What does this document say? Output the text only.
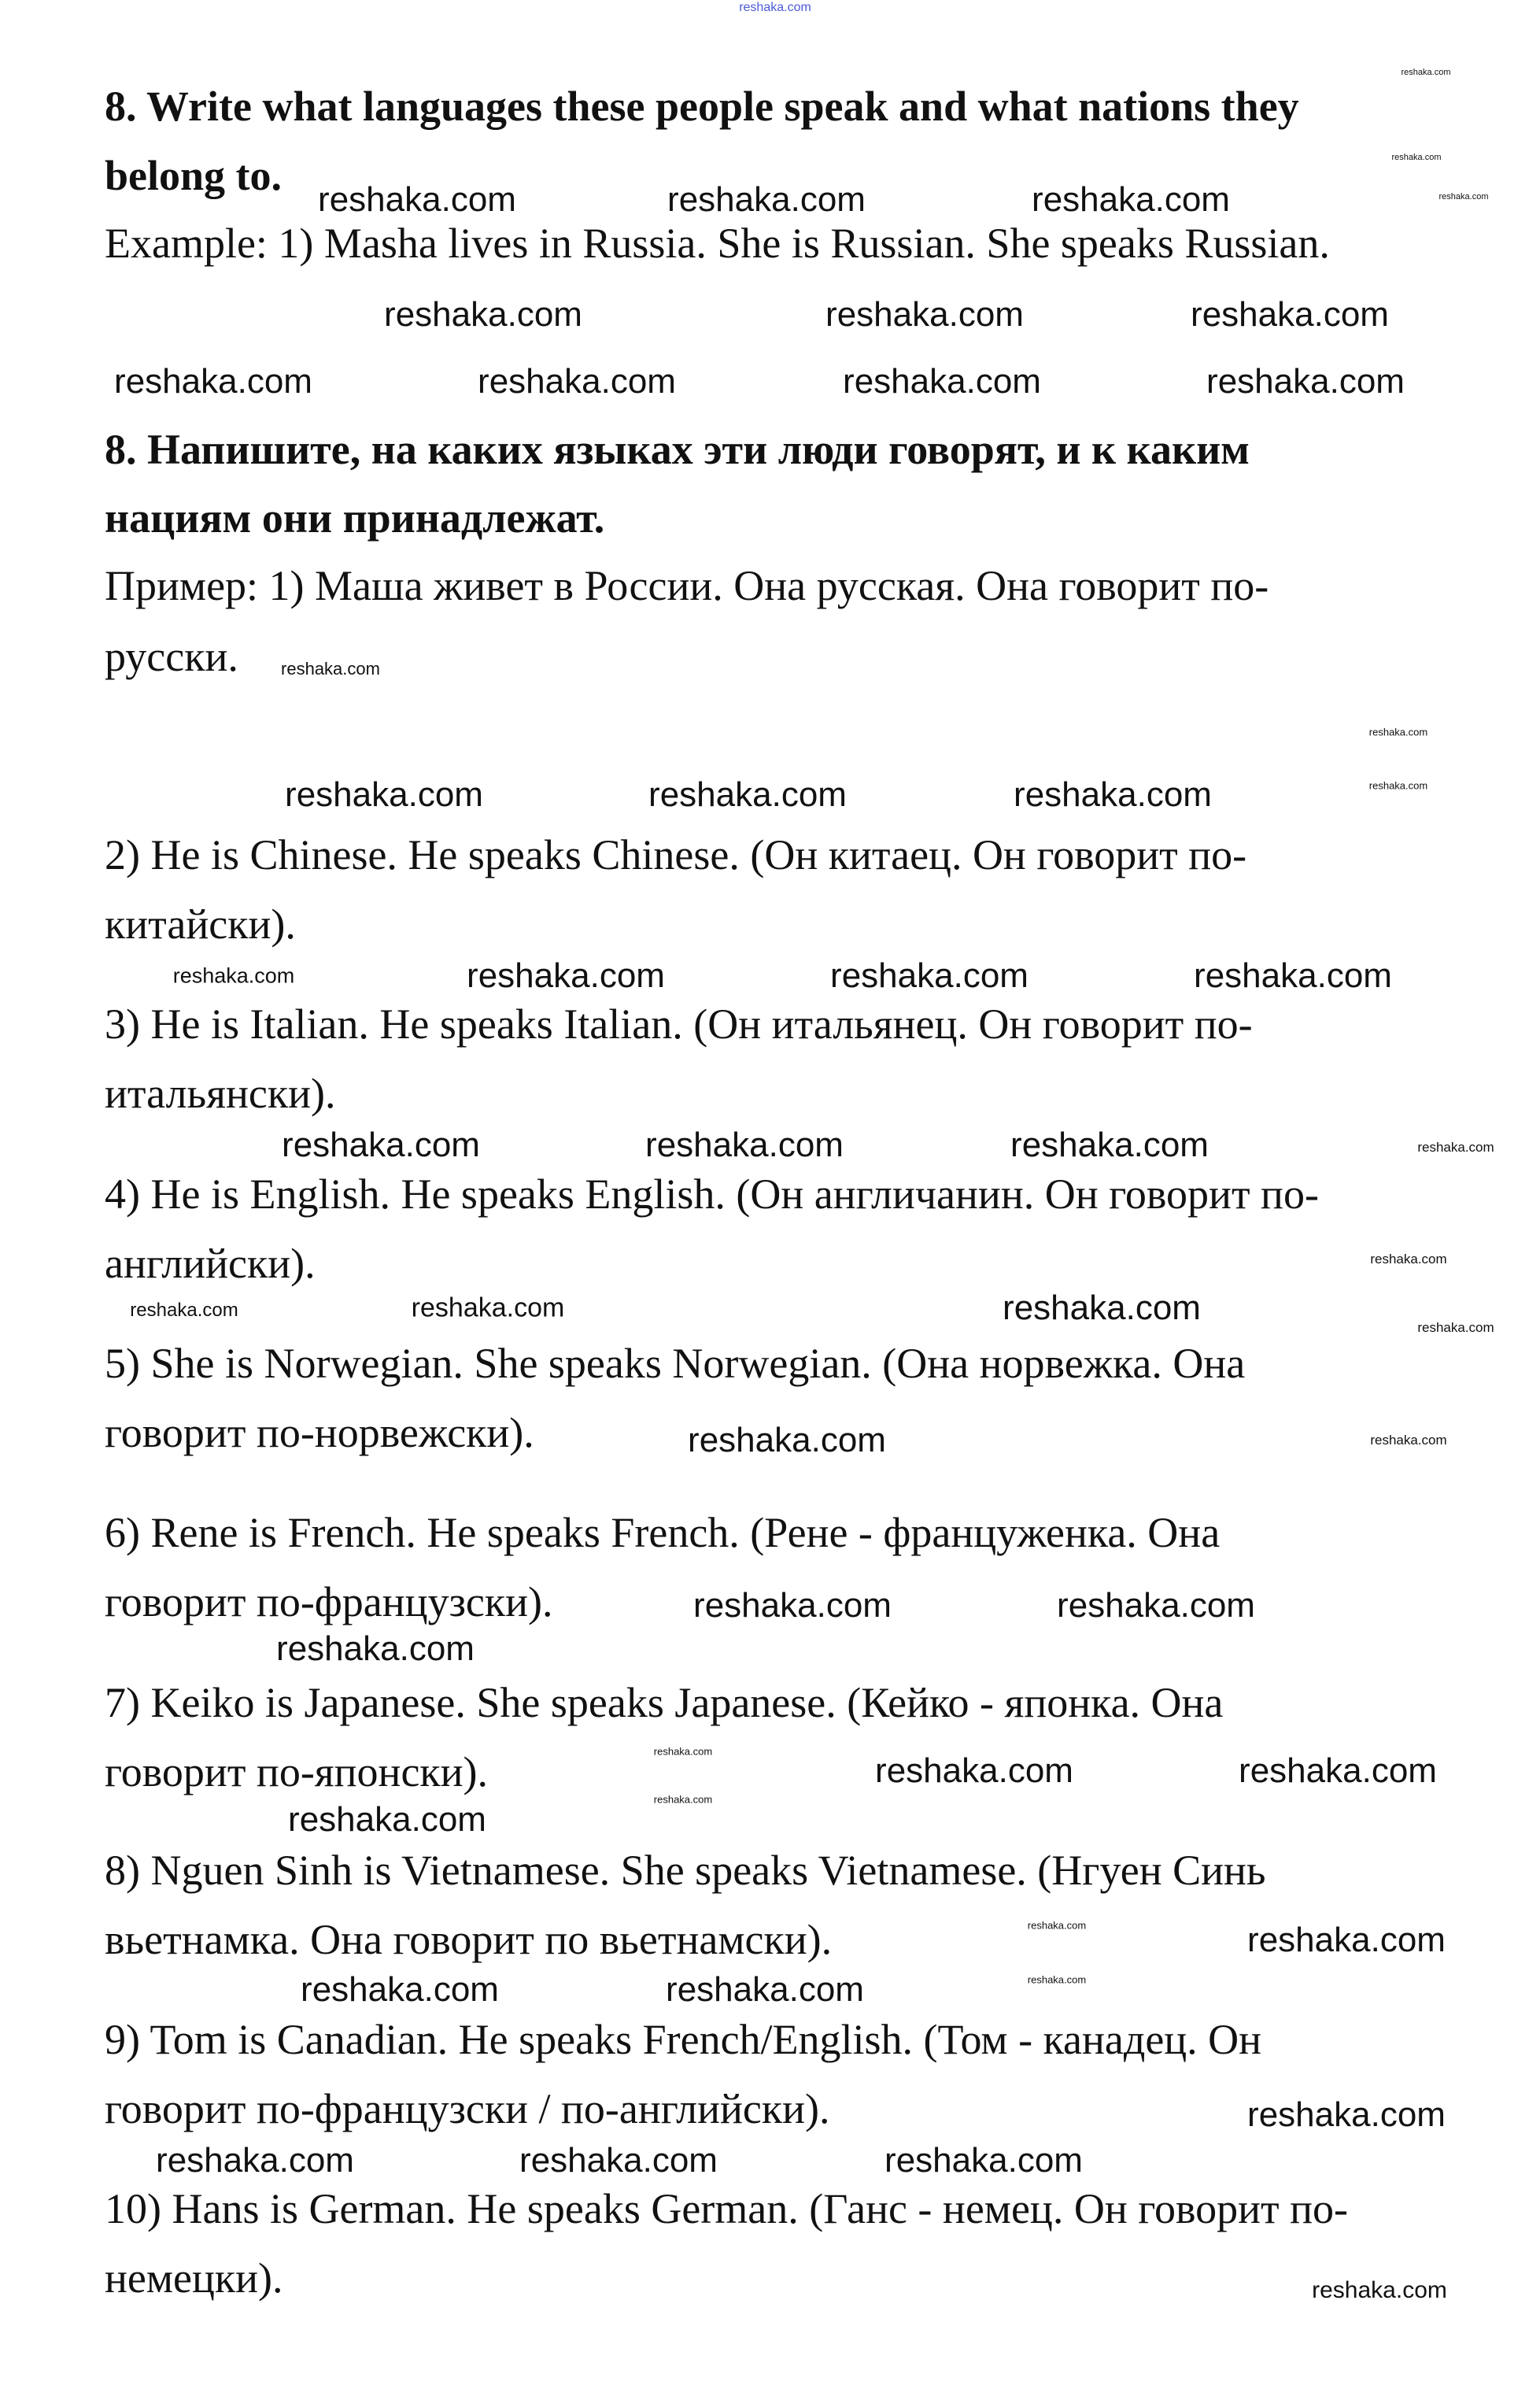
reshaka.com
8. Write what languages these people speak and what nations they
belong to.
Example: 1) Masha lives in Russia. She is Russian. She speaks Russian.
8. Напишите, на каких языках эти люди говорят, и к каким
нациям они принадлежат.
Пример: 1) Маша живет в России. Она русская. Она говорит по-
русски.
2) He is Chinese. He speaks Chinese. (Он китаец. Он говорит по-
китайски).
3) He is Italian. He speaks Italian. (Он итальянец. Он говорит по-
итальянски).
4) He is English. He speaks English. (Он англичанин. Он говорит по-
английски).
5) She is Norwegian. She speaks Norwegian. (Она норвежка. Она
говорит по-норвежски).
6) Rene is French. He speaks French. (Рене - француженка. Она
говорит по-французски).
7) Keiko is Japanese. She speaks Japanese. (Кейко - японка. Она
говорит по-японски).
8) Nguen Sinh is Vietnamese. She speaks Vietnamese. (Нгуен Синь
вьетнамка. Она говорит по вьетнамски).
9) Tom is Canadian. He speaks French/English. (Том - канадец. Он
говорит по-французски / по-английски).
10) Hans is German. He speaks German. (Ганс - немец. Он говорит по-
немецки).
reshaka.com
reshaka.com
reshaka.com
reshaka.com	reshaka.com	reshaka.com
reshaka.com	reshaka.com	reshaka.com	reshaka.com
reshaka.com	reshaka.com	reshaka.com
reshaka.com
reshaka.com
reshaka.com
reshaka.com	reshaka.com	reshaka.com
reshaka.com	reshaka.com	reshaka.com	reshaka.com
reshaka.com	reshaka.com	reshaka.com	reshaka.com
reshaka.com
reshaka.com	reshaka.com
reshaka.com
reshaka.com
reshaka.com
reshaka.com
reshaka.com
reshaka.com	reshaka.com
reshaka.com
reshaka.com
reshaka.com	reshaka.com
reshaka.com
reshaka.com
reshaka.com
reshaka.com
reshaka.com	reshaka.com
reshaka.com
reshaka.com	reshaka.com	reshaka.com
reshaka.com
